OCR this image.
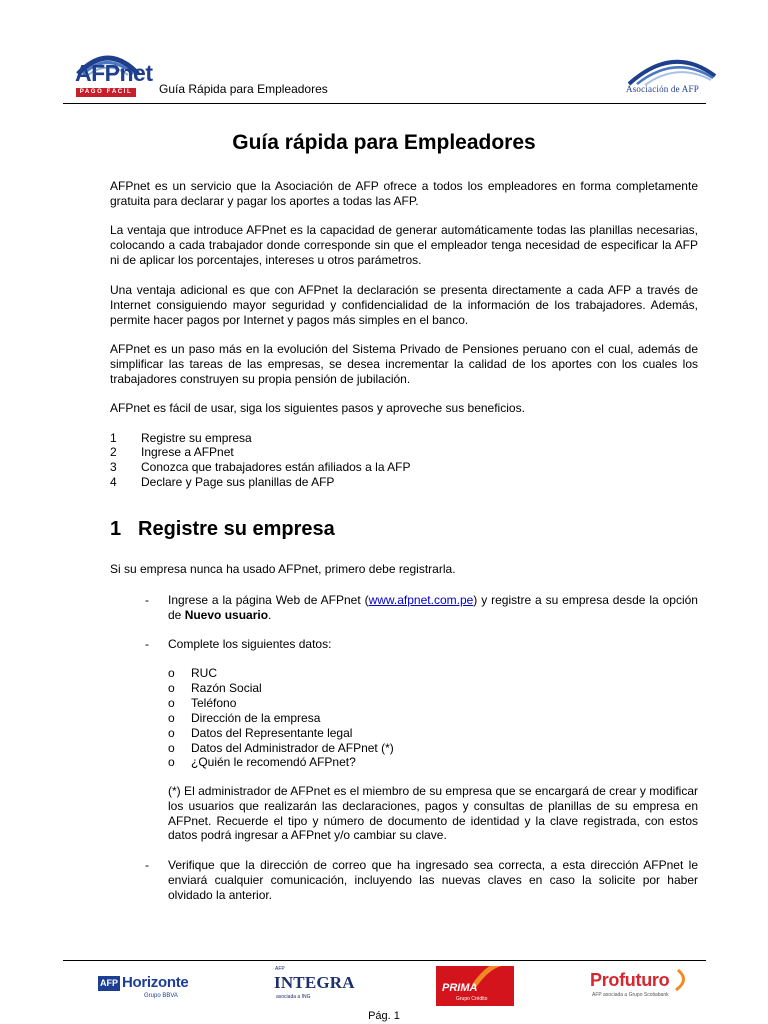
AFPnet
PAGO FÁCIL	Guía Rápida para Empleadores	Asociación de AFP
Guía rápida para Empleadores
AFPnet es un servicio que la Asociación de AFP ofrece a todos los empleadores en forma completamente gratuita para declarar y pagar los aportes a todas las AFP.
La ventaja que introduce AFPnet es la capacidad de generar automáticamente todas las planillas necesarias, colocando a cada trabajador donde corresponde sin que el empleador tenga necesidad de especificar la AFP ni de aplicar los porcentajes, intereses u otros parámetros.
Una ventaja adicional es que con AFPnet la declaración se presenta directamente a cada AFP a través de Internet consiguiendo mayor seguridad y confidencialidad de la información de los trabajadores. Además, permite hacer pagos por Internet y pagos más simples en el banco.
AFPnet es un paso más en la evolución del Sistema Privado de Pensiones peruano con el cual, además de simplificar las tareas de las empresas, se desea incrementar la calidad de los aportes con los cuales los trabajadores construyen su propia pensión de jubilación.
AFPnet es fácil de usar, siga los siguientes pasos y aproveche sus beneficios.
1 Registre su empresa
2 Ingrese a AFPnet
3 Conozca que trabajadores están afiliados a la AFP
4 Declare y Page sus planillas de AFP
1 Registre su empresa
Si su empresa nunca ha usado AFPnet, primero debe registrarla.
- Ingrese a la página Web de AFPnet (www.afpnet.com.pe) y registre a su empresa desde la opción de Nuevo usuario.
- Complete los siguientes datos:
o RUC
o Razón Social
o Teléfono
o Dirección de la empresa
o Datos del Representante legal
o Datos del Administrador de AFPnet (*)
o ¿Quién le recomendó AFPnet?
(*) El administrador de AFPnet es el miembro de su empresa que se encargará de crear y modificar los usuarios que realizarán las declaraciones, pagos y consultas de planillas de su empresa en AFPnet. Recuerde el tipo y número de documento de identidad y la clave registrada, con estos datos podrá ingresar a AFPnet y/o cambiar su clave.
- Verifique que la dirección de correo que ha ingresado sea correcta, a esta dirección AFPnet le enviará cualquier comunicación, incluyendo las nuevas claves en caso la solicite por haber olvidado la anterior.
AFP Horizonte
Grupo BBVA
AFP
INTEGRA
asociada a ING
PRIMA
Grupo Crédito
Profuturo
AFP asociada a Grupo Scotiabank
Pág. 1
